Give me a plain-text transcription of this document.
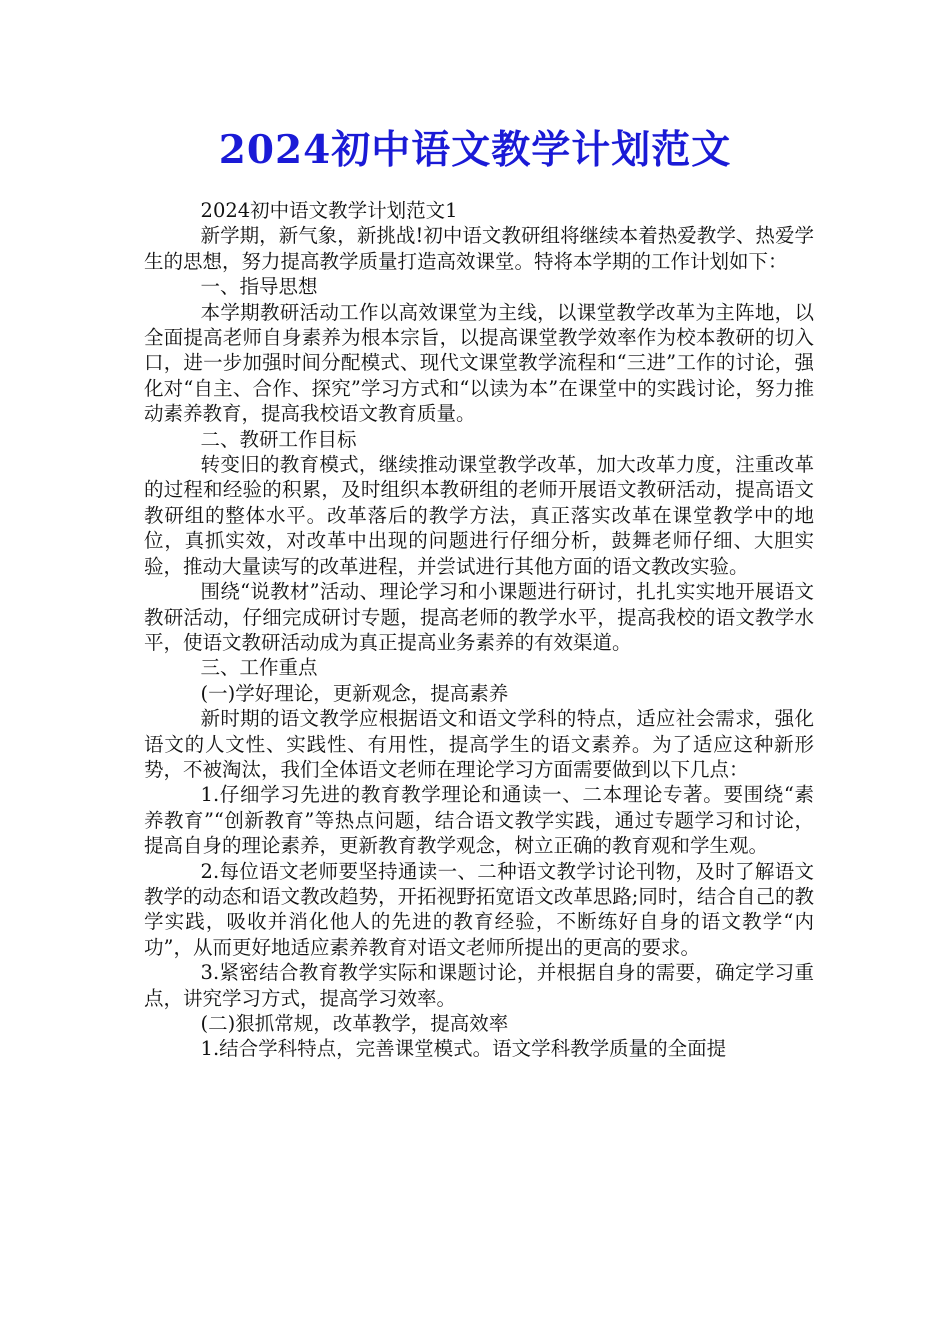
2024初中语文教学计划范文

2024初中语文教学计划范文1

新学期，新气象，新挑战!初中语文教研组将继续本着热爱教学、热爱学生的思想，努力提高教学质量打造高效课堂。特将本学期的工作计划如下：

一、指导思想

本学期教研活动工作以高效课堂为主线，以课堂教学改革为主阵地，以全面提高老师自身素养为根本宗旨，以提高课堂教学效率作为校本教研的切入口，进一步加强时间分配模式、现代文课堂教学流程和“三进”工作的讨论，强化对“自主、合作、探究”学习方式和“以读为本”在课堂中的实践讨论，努力推动素养教育，提高我校语文教育质量。

二、教研工作目标

转变旧的教育模式，继续推动课堂教学改革，加大改革力度，注重改革的过程和经验的积累，及时组织本教研组的老师开展语文教研活动，提高语文教研组的整体水平。改革落后的教学方法，真正落实改革在课堂教学中的地位，真抓实效，对改革中出现的问题进行仔细分析，鼓舞老师仔细、大胆实验，推动大量读写的改革进程，并尝试进行其他方面的语文教改实验。

围绕“说教材”活动、理论学习和小课题进行研讨，扎扎实实地开展语文教研活动，仔细完成研讨专题，提高老师的教学水平，提高我校的语文教学水平，使语文教研活动成为真正提高业务素养的有效渠道。

三、工作重点

(一)学好理论，更新观念，提高素养

新时期的语文教学应根据语文和语文学科的特点，适应社会需求，强化语文的人文性、实践性、有用性，提高学生的语文素养。为了适应这种新形势，不被淘汰，我们全体语文老师在理论学习方面需要做到以下几点：

1.仔细学习先进的教育教学理论和通读一、二本理论专著。要围绕“素养教育”“创新教育”等热点问题，结合语文教学实践，通过专题学习和讨论，提高自身的理论素养，更新教育教学观念，树立正确的教育观和学生观。

2.每位语文老师要坚持通读一、二种语文教学讨论刊物，及时了解语文教学的动态和语文教改趋势，开拓视野拓宽语文改革思路;同时，结合自己的教学实践，吸收并消化他人的先进的教育经验，不断练好自身的语文教学“内功”，从而更好地适应素养教育对语文老师所提出的更高的要求。

3.紧密结合教育教学实际和课题讨论，并根据自身的需要，确定学习重点，讲究学习方式，提高学习效率。

(二)狠抓常规，改革教学，提高效率

1.结合学科特点，完善课堂模式。语文学科教学质量的全面提
